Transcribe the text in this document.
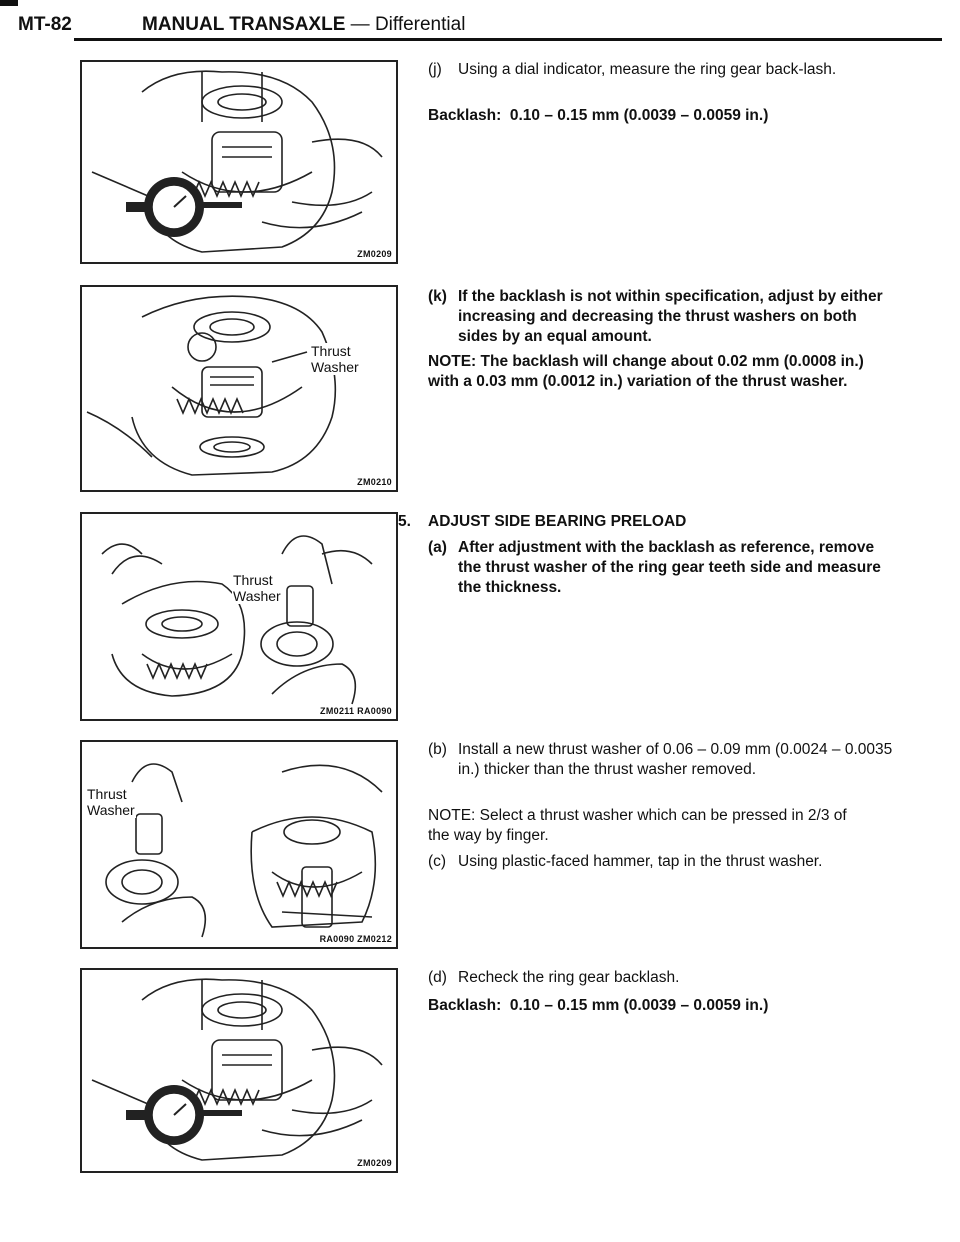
MT-82	MANUAL TRANSAXLE — Differential
ZM0209
Thrust
Washer
ZM0210
Thrust
Washer
ZM0211 RA0090
Thrust
Washer
RA0090 ZM0212
ZM0209
(j) Using a dial indicator, measure the ring gear back-lash.
Backlash: 0.10 – 0.15 mm (0.0039 – 0.0059 in.)
(k) If the backlash is not within specification, adjust by either increasing and decreasing the thrust washers on both sides by an equal amount.
NOTE: The backlash will change about 0.02 mm (0.0008 in.) with a 0.03 mm (0.0012 in.) variation of the thrust washer.
5. ADJUST SIDE BEARING PRELOAD
(a) After adjustment with the backlash as reference, remove the thrust washer of the ring gear teeth side and measure the thickness.
(b) Install a new thrust washer of 0.06 – 0.09 mm (0.0024 – 0.0035 in.) thicker than the thrust washer removed.
NOTE: Select a thrust washer which can be pressed in 2/3 of the way by finger.
(c) Using plastic-faced hammer, tap in the thrust washer.
(d) Recheck the ring gear backlash.
Backlash: 0.10 – 0.15 mm (0.0039 – 0.0059 in.)
